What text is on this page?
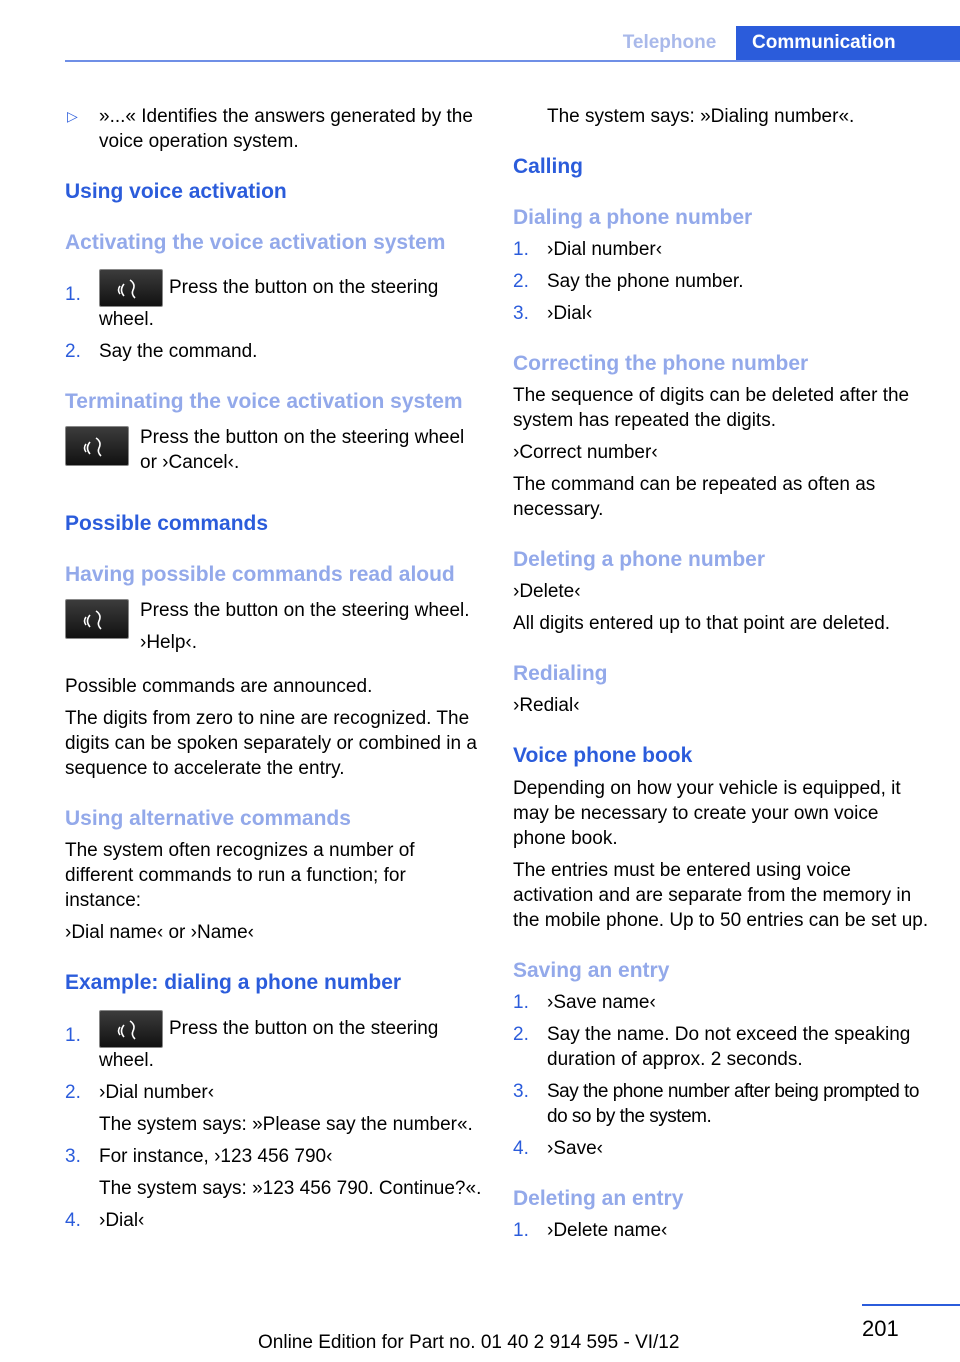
Telephone	Communication
▷ »...« Identifies the answers generated by the voice operation system.
Using voice activation
Activating the voice activation system
1.	Press the button on the steering wheel.
2. Say the command.
Terminating the voice activation system

Press the button on the steering wheel or ›Cancel‹.

Possible commands
Having possible commands read aloud

Press the button on the steering wheel.

›Help‹.

Possible commands are announced.

The digits from zero to nine are recognized. The digits can be spoken separately or combined in a sequence to accelerate the entry.

Using alternative commands

The system often recognizes a number of different commands to run a function; for instance:

›Dial name‹ or ›Name‹

Example: dialing a phone number
1.	Press the button on the steering wheel.
2. ›Dial number‹

The system says: »Please say the number«.

3. For instance, ›123 456 790‹

The system says: »123 456 790. Continue?«.

4. ›Dial‹

The system says: »Dialing number«.

Calling
Dialing a phone number
1. ›Dial number‹
2. Say the phone number.
3. ›Dial‹
Correcting the phone number

The sequence of digits can be deleted after the system has repeated the digits.

›Correct number‹

The command can be repeated as often as necessary.

Deleting a phone number

›Delete‹

All digits entered up to that point are deleted.

Redialing

›Redial‹

Voice phone book

Depending on how your vehicle is equipped, it may be necessary to create your own voice phone book.

The entries must be entered using voice activation and are separate from the memory in the mobile phone. Up to 50 entries can be set up.

Saving an entry
1. ›Save name‹
2. Say the name. Do not exceed the speaking duration of approx. 2 seconds.
3. Say the phone number after being prompted to do so by the system.
4. ›Save‹
Deleting an entry
1. ›Delete name‹
201
Online Edition for Part no. 01 40 2 914 595 - VI/12
